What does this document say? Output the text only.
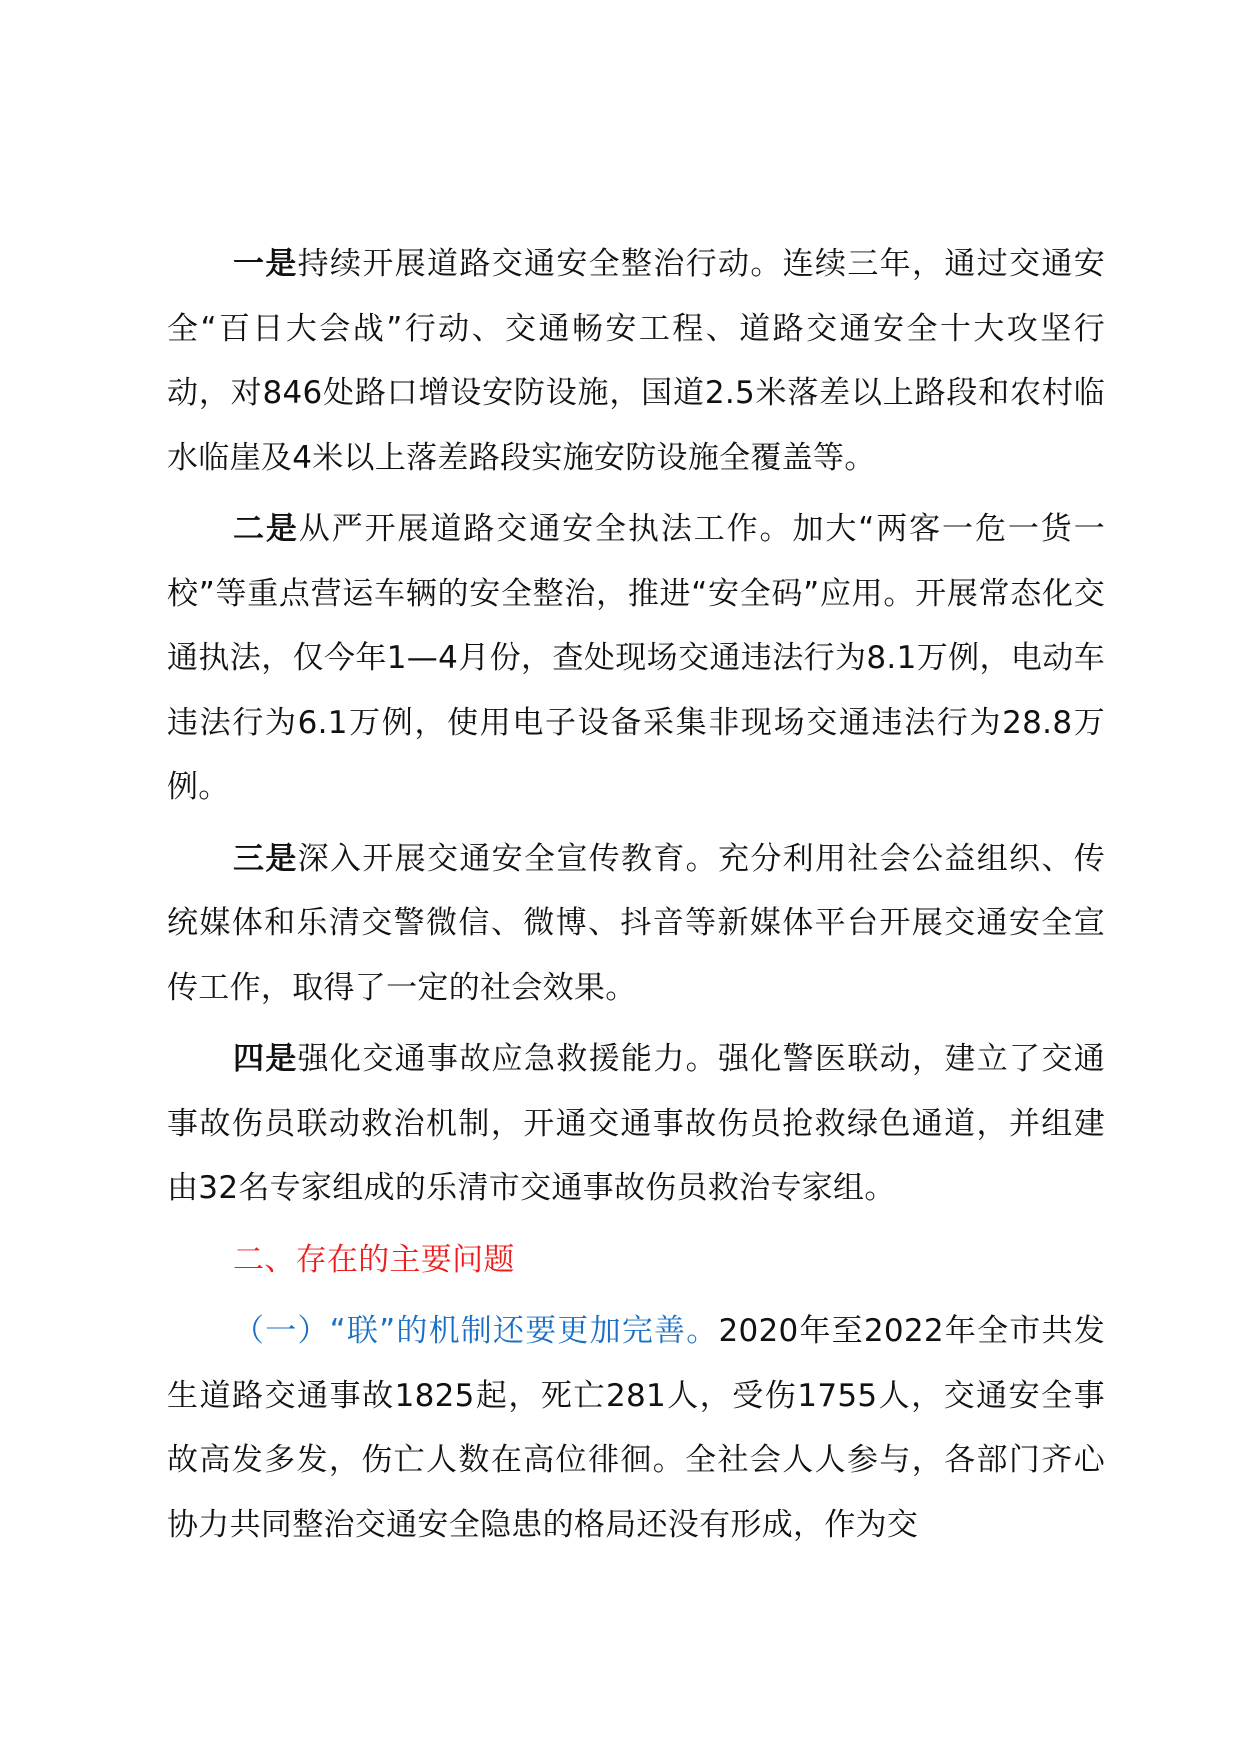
一是持续开展道路交通安全整治行动。连续三年，通过交通安全“百日大会战”行动、交通畅安工程、道路交通安全十大攻坚行动，对846处路口增设安防设施，国道2.5米落差以上路段和农村临水临崖及4米以上落差路段实施安防设施全覆盖等。

二是从严开展道路交通安全执法工作。加大“两客一危一货一校”等重点营运车辆的安全整治，推进“安全码”应用。开展常态化交通执法，仅今年1—4月份，查处现场交通违法行为8.1万例，电动车违法行为6.1万例，使用电子设备采集非现场交通违法行为28.8万例。

三是深入开展交通安全宣传教育。充分利用社会公益组织、传统媒体和乐清交警微信、微博、抖音等新媒体平台开展交通安全宣传工作，取得了一定的社会效果。

四是强化交通事故应急救援能力。强化警医联动，建立了交通事故伤员联动救治机制，开通交通事故伤员抢救绿色通道，并组建由32名专家组成的乐清市交通事故伤员救治专家组。

二、存在的主要问题

（一）“联”的机制还要更加完善。2020年至2022年全市共发生道路交通事故1825起，死亡281人，受伤1755人，交通安全事故高发多发，伤亡人数在高位徘徊。全社会人人参与，各部门齐心协力共同整治交通安全隐患的格局还没有形成，作为交
